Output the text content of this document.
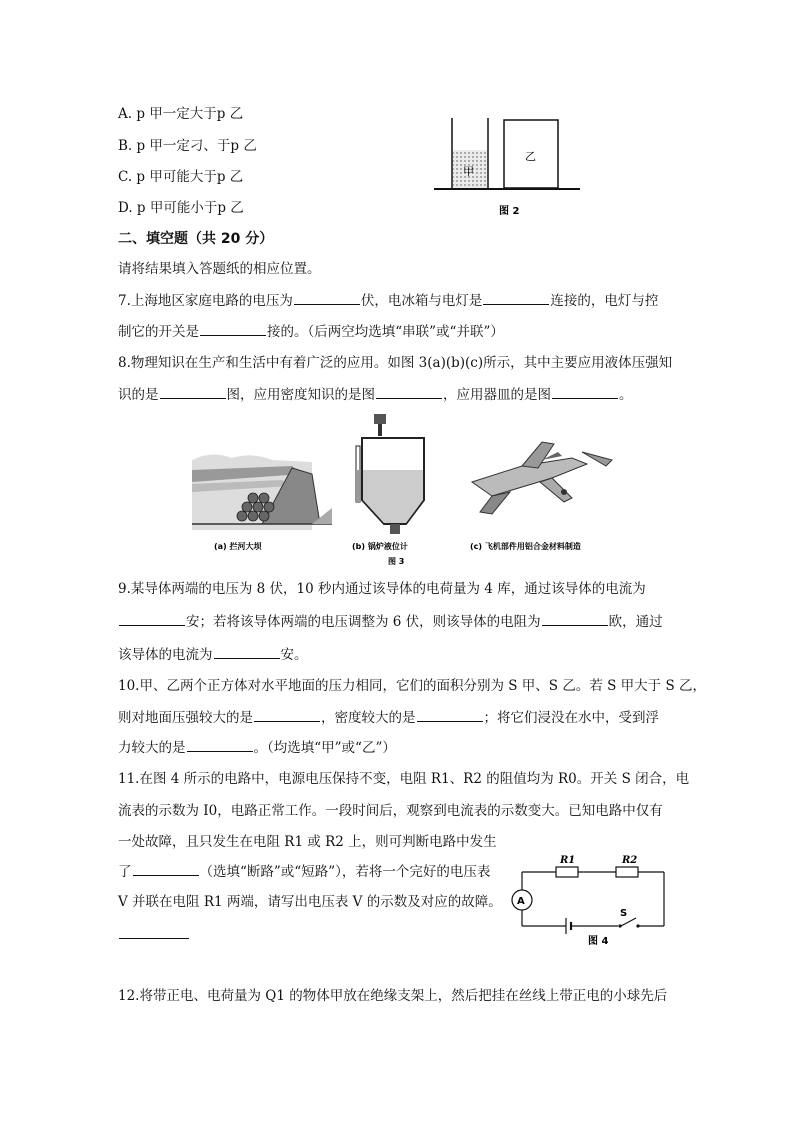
A. p 甲一定大于p 乙
B. p 甲一定刁、于p 乙
C. p 甲可能大于p 乙
D. p 甲可能小于p 乙
甲
乙
图 2
二、填空题（共 20 分）
请将结果填入答题纸的相应位置。
7.上海地区家庭电路的电压为	伏，电冰箱与电灯是	连接的，电灯与控
制它的开关是	接的。（后两空均选填“串联”或“并联”）
8.物理知识在生产和生活中有着广泛的应用。如图 3(a)(b)(c)所示，其中主要应用液体压强知
识的是	图，应用密度知识的是图	，应用器皿的是图	。
(a) 拦河大坝	(b) 锅炉液位计	(c) 飞机部件用铝合金材料制造
图 3
9.某导体两端的电压为 8 伏，10 秒内通过该导体的电荷量为 4 库，通过该导体的电流为
安；若将该导体两端的电压调整为 6 伏，则该导体的电阻为	欧，通过
该导体的电流为	安。
10.甲、乙两个正方体对水平地面的压力相同，它们的面积分别为 S 甲、S 乙。若 S 甲大于 S 乙，
则对地面压强较大的是	，密度较大的是	；将它们浸没在水中，受到浮
力较大的是	。（均选填“甲”或“乙”）
11.在图 4 所示的电路中，电源电压保持不变，电阻 R1、R2 的阻值均为 R0。开关 S 闭合，电
流表的示数为 I0，电路正常工作。一段时间后，观察到电流表的示数变大。已知电路中仅有
一处故障，且只发生在电阻 R1 或 R2 上，则可判断电路中发生
了	（选填“断路”或“短路”），若将一个完好的电压表
V 并联在电阻 R1 两端，请写出电压表 V 的示数及对应的故障。 A
R1	R2
S
图 4
12.将带正电、电荷量为 Q1 的物体甲放在绝缘支架上，然后把挂在丝线上带正电的小球先后
